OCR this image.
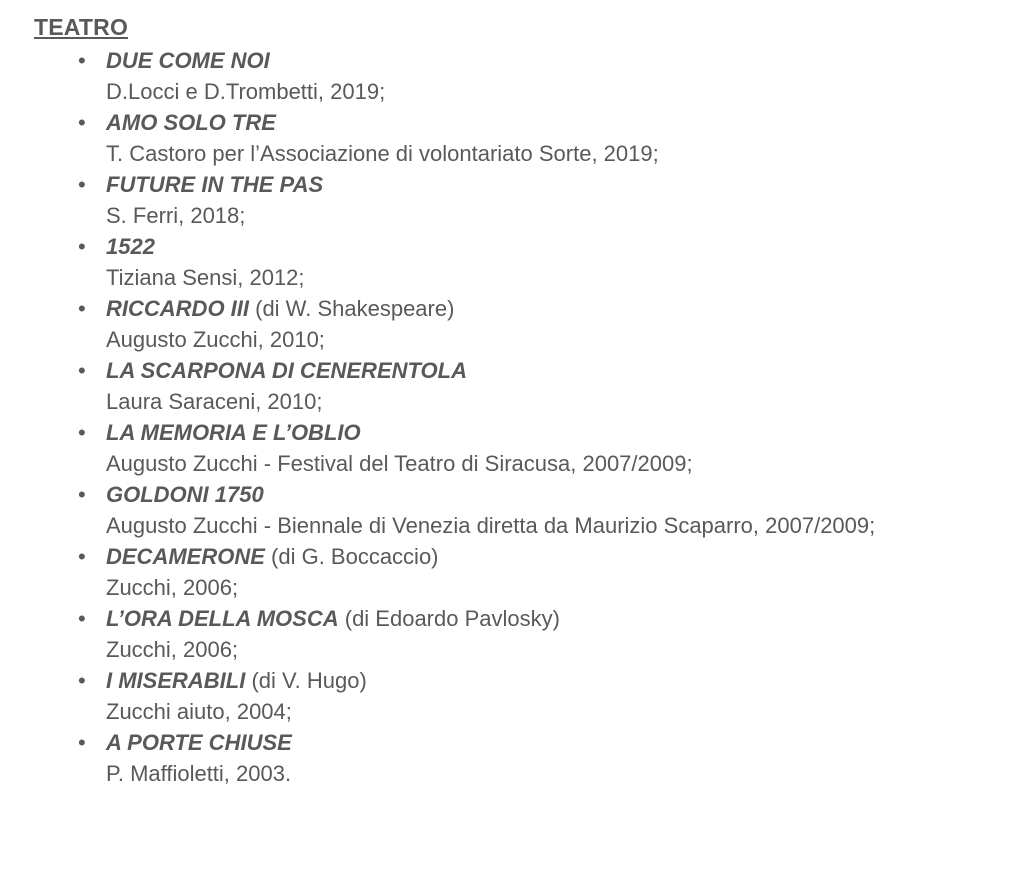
TEATRO
• DUE COME NOI
D.Locci e D.Trombetti, 2019;
• AMO SOLO TRE
T. Castoro per l’Associazione di volontariato Sorte, 2019;
• FUTURE IN THE PAS
S. Ferri, 2018;
• 1522
Tiziana Sensi, 2012;
• RICCARDO III (di W. Shakespeare)
Augusto Zucchi, 2010;
• LA SCARPONA DI CENERENTOLA
Laura Saraceni, 2010;
• LA MEMORIA E L’OBLIO
Augusto Zucchi - Festival del Teatro di Siracusa, 2007/2009;
• GOLDONI 1750
Augusto Zucchi - Biennale di Venezia diretta da Maurizio Scaparro, 2007/2009;
• DECAMERONE (di G. Boccaccio)
Zucchi, 2006;
• L’ORA DELLA MOSCA (di Edoardo Pavlosky)
Zucchi, 2006;
• I MISERABILI (di V. Hugo)
Zucchi aiuto, 2004;
• A PORTE CHIUSE
P. Maffioletti, 2003.
